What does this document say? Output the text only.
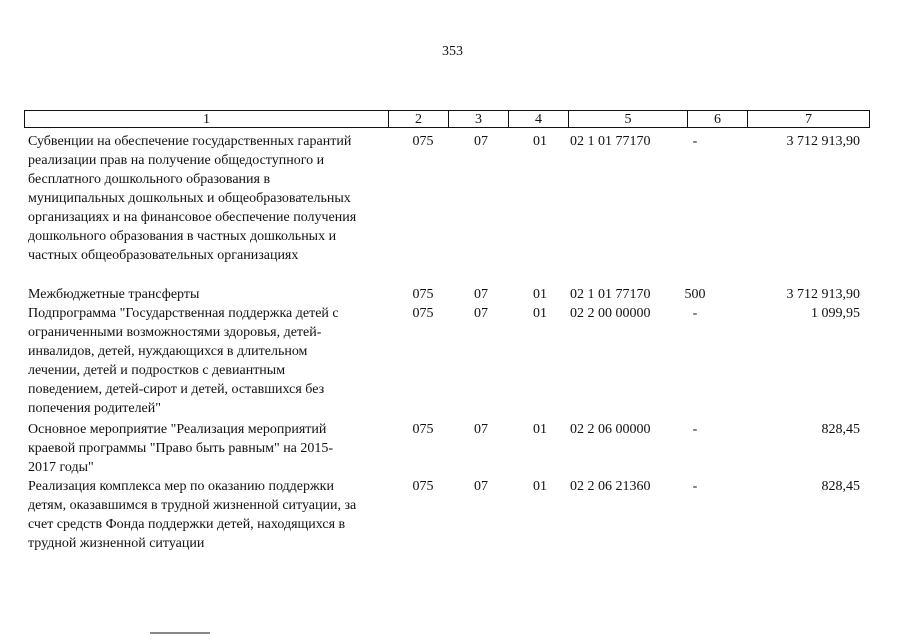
353
1	2	3	4	5	6	7
Субвенции на обеспечение государственных гарантий
реализации прав на получение общедоступного и
бесплатного дошкольного образования в
муниципальных дошкольных и общеобразовательных
организациях и на финансовое обеспечение получения
дошкольного образования в частных дошкольных и
частных общеобразовательных организациях
075	07	01	02 1 01 77170	-	3 712 913,90
Межбюджетные трансферты	075	07	01	02 1 01 77170	500	3 712 913,90
Подпрограмма "Государственная поддержка детей с
ограниченными возможностями здоровья, детей-
инвалидов, детей, нуждающихся в длительном
лечении, детей и подростков с девиантным
поведением, детей-сирот и детей, оставшихся без
попечения родителей"
075	07	01	02 2 00 00000	-	1 099,95
Основное мероприятие "Реализация мероприятий
краевой программы "Право быть равным" на 2015-
2017 годы"
075	07	01	02 2 06 00000	-	828,45
Реализация комплекса мер по оказанию поддержки
детям, оказавшимся в трудной жизненной ситуации, за
счет средств Фонда поддержки детей, находящихся в
трудной жизненной ситуации
075	07	01	02 2 06 21360	-	828,45
